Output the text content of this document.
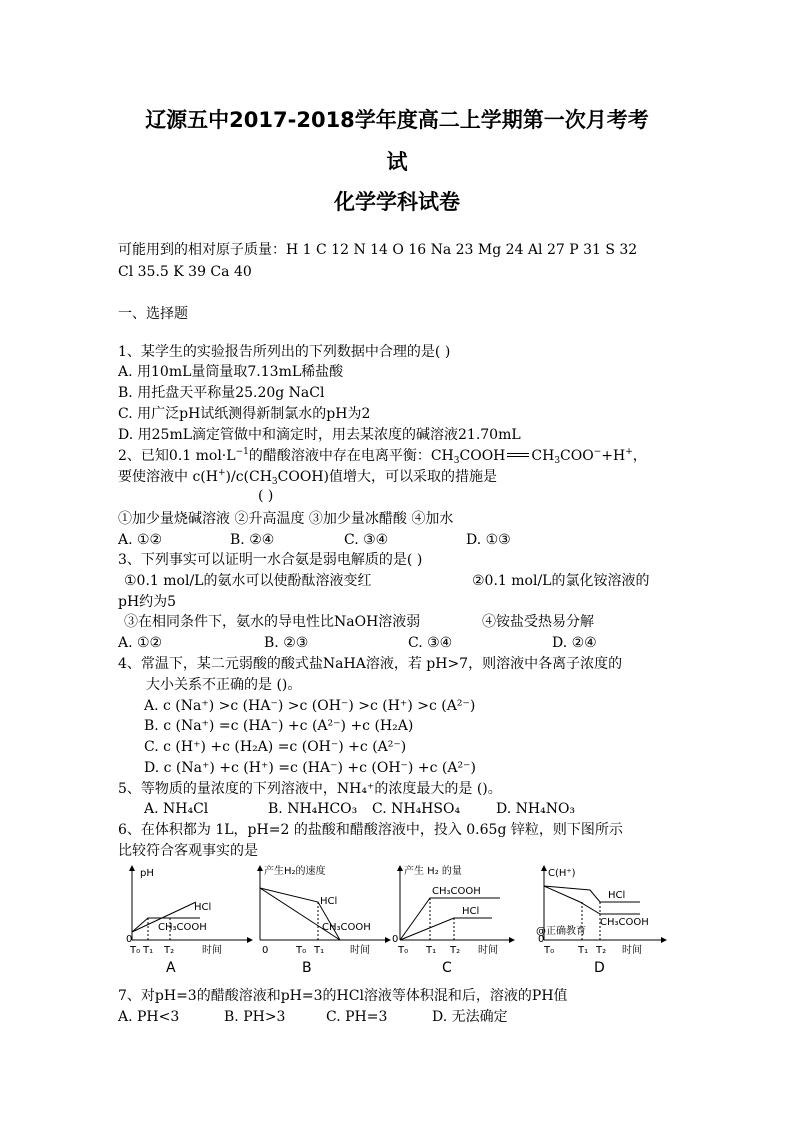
辽源五中2017-2018学年度高二上学期第一次月考考
试
化学学科试卷
可能用到的相对原子质量：H 1 C 12 N 14 O 16 Na 23 Mg 24 Al 27 P 31 S 32
Cl 35.5 K 39 Ca 40
一、选择题
1、某学生的实验报告所列出的下列数据中合理的是( )
A. 用10mL量筒量取7.13mL稀盐酸
B. 用托盘天平称量25.20g NaCl
C. 用广泛pH试纸测得新制氯水的pH为2
D. 用25mL滴定管做中和滴定时，用去某浓度的碱溶液21.70mL
2、已知0.1 $mol\cdot L^{-1}$的醋酸溶液中存在电离平衡：$CH_3COOH$ $CH_3COO^-+H^+$，
要使溶液中 $c(H^+)/c(CH_3COOH)$值增大，可以采取的措施是
( )
①加少量烧碱溶液 ②升高温度 ③加少量冰醋酸 ④加水
A. ①②	B. ②④	C. ③④	D. ①③
3、下列事实可以证明一水合氨是弱电解质的是( )
①0.1 mol/L的氨水可以使酚酞溶液变红	②0.1 mol/L的氯化铵溶液的
pH约为5
③在相同条件下，氨水的导电性比NaOH溶液弱	④铵盐受热易分解
A. ①②	B. ②③	C. ③④	D. ②④
4、常温下，某二元弱酸的酸式盐NaHA溶液，若 pH>7，则溶液中各离子浓度的
大小关系不正确的是 ()。
A. c (Na⁺) >c (HA⁻) >c (OH⁻) >c (H⁺) >c (A²⁻)
B. c (Na⁺) =c (HA⁻) +c (A²⁻) +c (H₂A)
C. c (H⁺) +c (H₂A) =c (OH⁻) +c (A²⁻)
D. c (Na⁺) +c (H⁺) =c (HA⁻) +c (OH⁻) +c (A²⁻)
5、等物质的量浓度的下列溶液中，NH₄⁺的浓度最大的是 ()。
A. NH₄Cl	B. NH₄HCO₃ C. NH₄HSO₄	D. NH₄NO₃
6、在体积都为 1L，pH=2 的盐酸和醋酸溶液中，投入 0.65g 锌粒，则下图所示
比较符合客观事实的是
pH
HCl
CH₃COOH
0
T₀ T₁ T₂	时间
A
产生H₂的速度
HCl
CH₃COOH
0	T₀ T₁	时间
B
产生 H₂ 的量
CH₃COOH
HCl
0
T₀ T₁ T₂ 时间
C
C(H⁺)
HCl
CH₃COOH
@正确教育
0
T₀ T₁ T₂ 时间
D
7、对pH=3的醋酸溶液和pH=3的HCl溶液等体积混和后，溶液的PH值
A. PH<3	B. PH>3	C. PH=3	D. 无法确定
